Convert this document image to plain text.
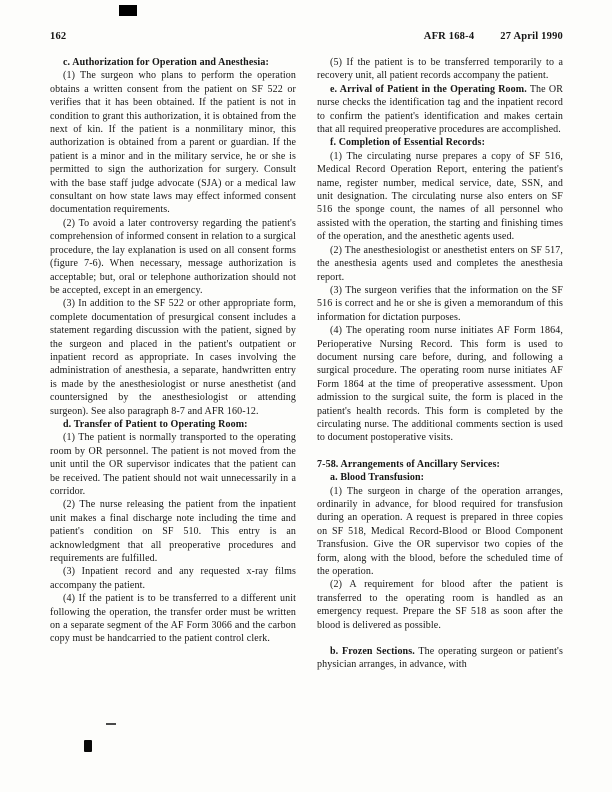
162	AFR 168-4 27 April 1990

c. Authorization for Operation and Anesthesia:

(1) The surgeon who plans to perform the operation obtains a written consent from the patient on SF 522 or verifies that it has been obtained. If the patient is not in condition to grant this authorization, it is obtained from the next of kin. If the patient is a nonmilitary minor, this authorization is obtained from a parent or guardian. If the patient is a minor and in the military service, he or she is permitted to sign the authorization for surgery. Consult with the base staff judge advocate (SJA) or a medical law consultant on how state laws may effect informed consent documentation requirements.

(2) To avoid a later controversy regarding the patient's comprehension of informed consent in relation to a surgical procedure, the lay explanation is used on all consent forms (figure 7-6). When necessary, message authorization is acceptable; but, oral or telephone authorization should not be accepted, except in an emergency.

(3) In addition to the SF 522 or other appropriate form, complete documentation of presurgical consent includes a statement regarding discussion with the patient, signed by the surgeon and placed in the patient's outpatient or inpatient record as appropriate. In cases involving the administration of anesthesia, a separate, handwritten entry is made by the anesthesiologist or nurse anesthetist (and countersigned by the anesthesiologist or attending surgeon). See also paragraph 8-7 and AFR 160-12.

d. Transfer of Patient to Operating Room:

(1) The patient is normally transported to the operating room by OR personnel. The patient is not moved from the unit until the OR supervisor indicates that the patient can be received. The patient should not wait unnecessarily in a corridor.

(2) The nurse releasing the patient from the inpatient unit makes a final discharge note including the time and patient's condition on SF 510. This entry is an acknowledgment that all preoperative procedures and requirements are fulfilled.

(3) Inpatient record and any requested x-ray films accompany the patient.

(4) If the patient is to be transferred to a different unit following the operation, the transfer order must be written on a separate segment of the AF Form 3066 and the carbon copy must be handcarried to the patient control clerk.

(5) If the patient is to be transferred temporarily to a recovery unit, all patient records accompany the patient.

e. Arrival of Patient in the Operating Room. The OR nurse checks the identification tag and the inpatient record to confirm the patient's identification and makes certain that all required preoperative procedures are accomplished.

f. Completion of Essential Records:

(1) The circulating nurse prepares a copy of SF 516, Medical Record Operation Report, entering the patient's name, register number, medical service, date, SSN, and unit designation. The circulating nurse also enters on SF 516 the sponge count, the names of all personnel who assisted with the operation, the starting and finishing times of the operation, and the anesthetic agents used.

(2) The anesthesiologist or anesthetist enters on SF 517, the anesthesia agents used and completes the anesthesia report.

(3) The surgeon verifies that the information on the SF 516 is correct and he or she is given a memorandum of this information for dictation purposes.

(4) The operating room nurse initiates AF Form 1864, Perioperative Nursing Record. This form is used to document nursing care before, during, and following a surgical procedure. The operating room nurse initiates AF Form 1864 at the time of preoperative assessment. Upon admission to the surgical suite, the form is placed in the patient's health records. This form is completed by the circulating nurse. The additional comments section is used to document postoperative visits.

7-58. Arrangements of Ancillary Services:

a. Blood Transfusion:

(1) The surgeon in charge of the operation arranges, ordinarily in advance, for blood required for transfusion during an operation. A request is prepared in three copies on SF 518, Medical Record-Blood or Blood Component Transfusion. Give the OR supervisor two copies of the form, along with the blood, before the scheduled time of the operation.

(2) A requirement for blood after the patient is transferred to the operating room is handled as an emergency request. Prepare the SF 518 as soon after the blood is delivered as possible.

b. Frozen Sections. The operating surgeon or patient's physician arranges, in advance, with
